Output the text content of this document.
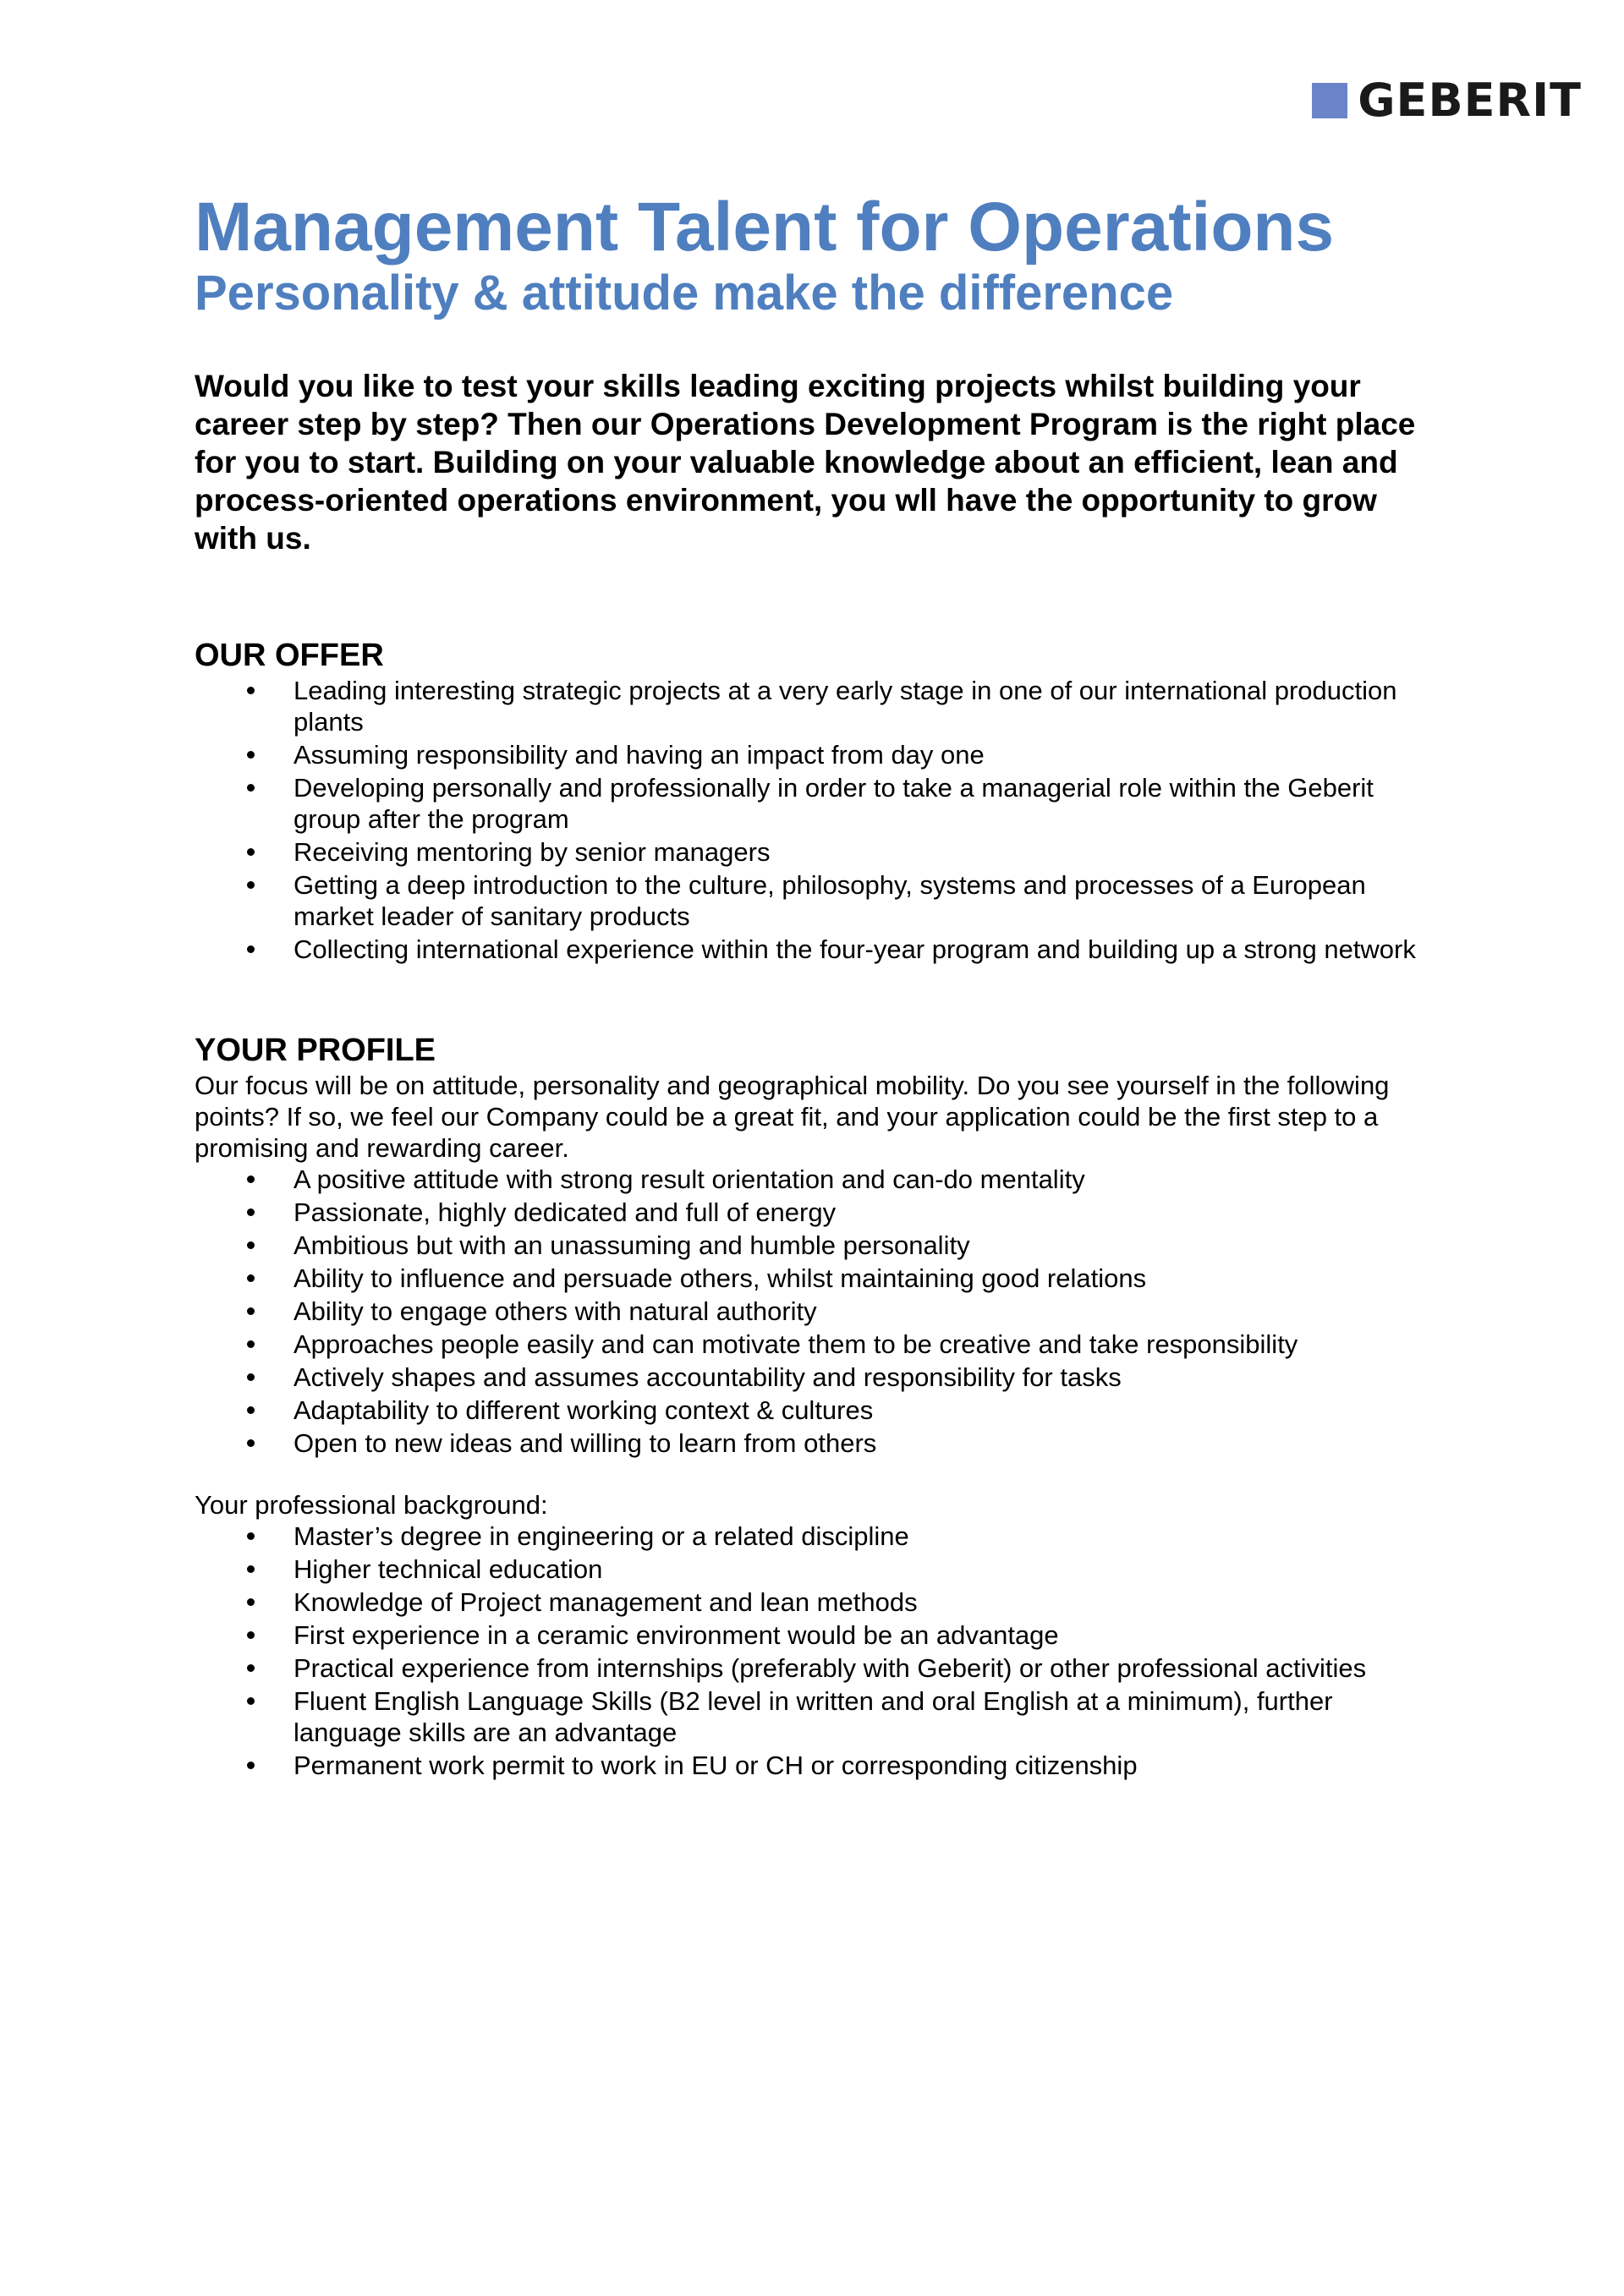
GEBERIT
Management Talent for Operations
Personality & attitude make the difference
Would you like to test your skills leading exciting projects whilst building your career step by step? Then our Operations Development Program is the right place for you to start. Building on your valuable knowledge about an efficient, lean and process-oriented operations environment, you wll have the opportunity to grow with us.
OUR OFFER
Leading interesting strategic projects at a very early stage in one of our international production plants
Assuming responsibility and having an impact from day one
Developing personally and professionally in order to take a managerial role within the Geberit group after the program
Receiving mentoring by senior managers
Getting a deep introduction to the culture, philosophy, systems and processes of a European market leader of sanitary products
Collecting international experience within the four-year program and building up a strong network
YOUR PROFILE

Our focus will be on attitude, personality and geographical mobility. Do you see yourself in the following points? If so, we feel our Company could be a great fit, and your application could be the first step to a promising and rewarding career.

A positive attitude with strong result orientation and can-do mentality
Passionate, highly dedicated and full of energy
Ambitious but with an unassuming and humble personality
Ability to influence and persuade others, whilst maintaining good relations
Ability to engage others with natural authority
Approaches people easily and can motivate them to be creative and take responsibility
Actively shapes and assumes accountability and responsibility for tasks
Adaptability to different working context & cultures
Open to new ideas and willing to learn from others
Your professional background:
Master’s degree in engineering or a related discipline
Higher technical education
Knowledge of Project management and lean methods
First experience in a ceramic environment would be an advantage
Practical experience from internships (preferably with Geberit) or other professional activities
Fluent English Language Skills (B2 level in written and oral English at a minimum), further language skills are an advantage
Permanent work permit to work in EU or CH or corresponding citizenship
